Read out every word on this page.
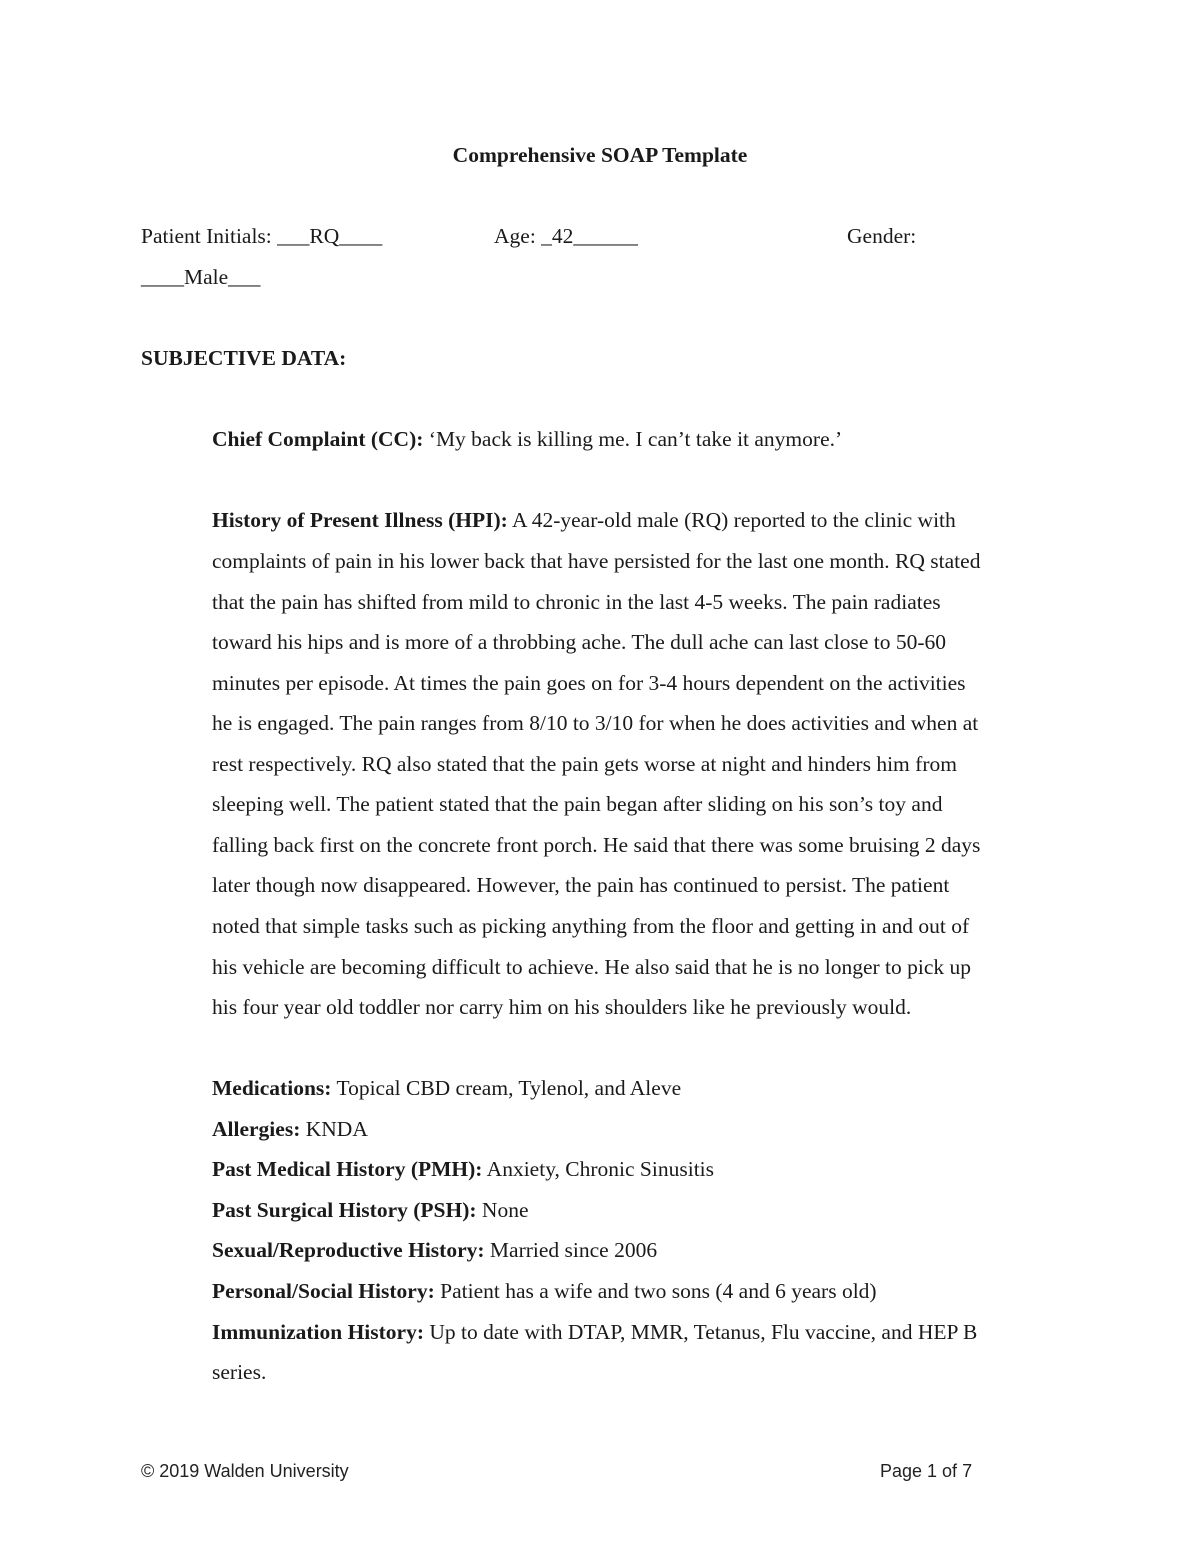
Comprehensive SOAP Template
Patient Initials: ___RQ____	Age: _42______	Gender:
____Male___
SUBJECTIVE DATA:
Chief Complaint (CC): ‘My back is killing me. I can’t take it anymore.’
History of Present Illness (HPI): A 42-year-old male (RQ) reported to the clinic with
complaints of pain in his lower back that have persisted for the last one month. RQ stated
that the pain has shifted from mild to chronic in the last 4-5 weeks. The pain radiates
toward his hips and is more of a throbbing ache. The dull ache can last close to 50-60
minutes per episode. At times the pain goes on for 3-4 hours dependent on the activities
he is engaged. The pain ranges from 8/10 to 3/10 for when he does activities and when at
rest respectively. RQ also stated that the pain gets worse at night and hinders him from
sleeping well. The patient stated that the pain began after sliding on his son’s toy and
falling back first on the concrete front porch. He said that there was some bruising 2 days
later though now disappeared. However, the pain has continued to persist. The patient
noted that simple tasks such as picking anything from the floor and getting in and out of
his vehicle are becoming difficult to achieve. He also said that he is no longer to pick up
his four year old toddler nor carry him on his shoulders like he previously would.
Medications: Topical CBD cream, Tylenol, and Aleve
Allergies: KNDA
Past Medical History (PMH): Anxiety, Chronic Sinusitis
Past Surgical History (PSH): None
Sexual/Reproductive History: Married since 2006
Personal/Social History: Patient has a wife and two sons (4 and 6 years old)
Immunization History: Up to date with DTAP, MMR, Tetanus, Flu vaccine, and HEP B
series.
© 2019 Walden University	Page 1 of 7
